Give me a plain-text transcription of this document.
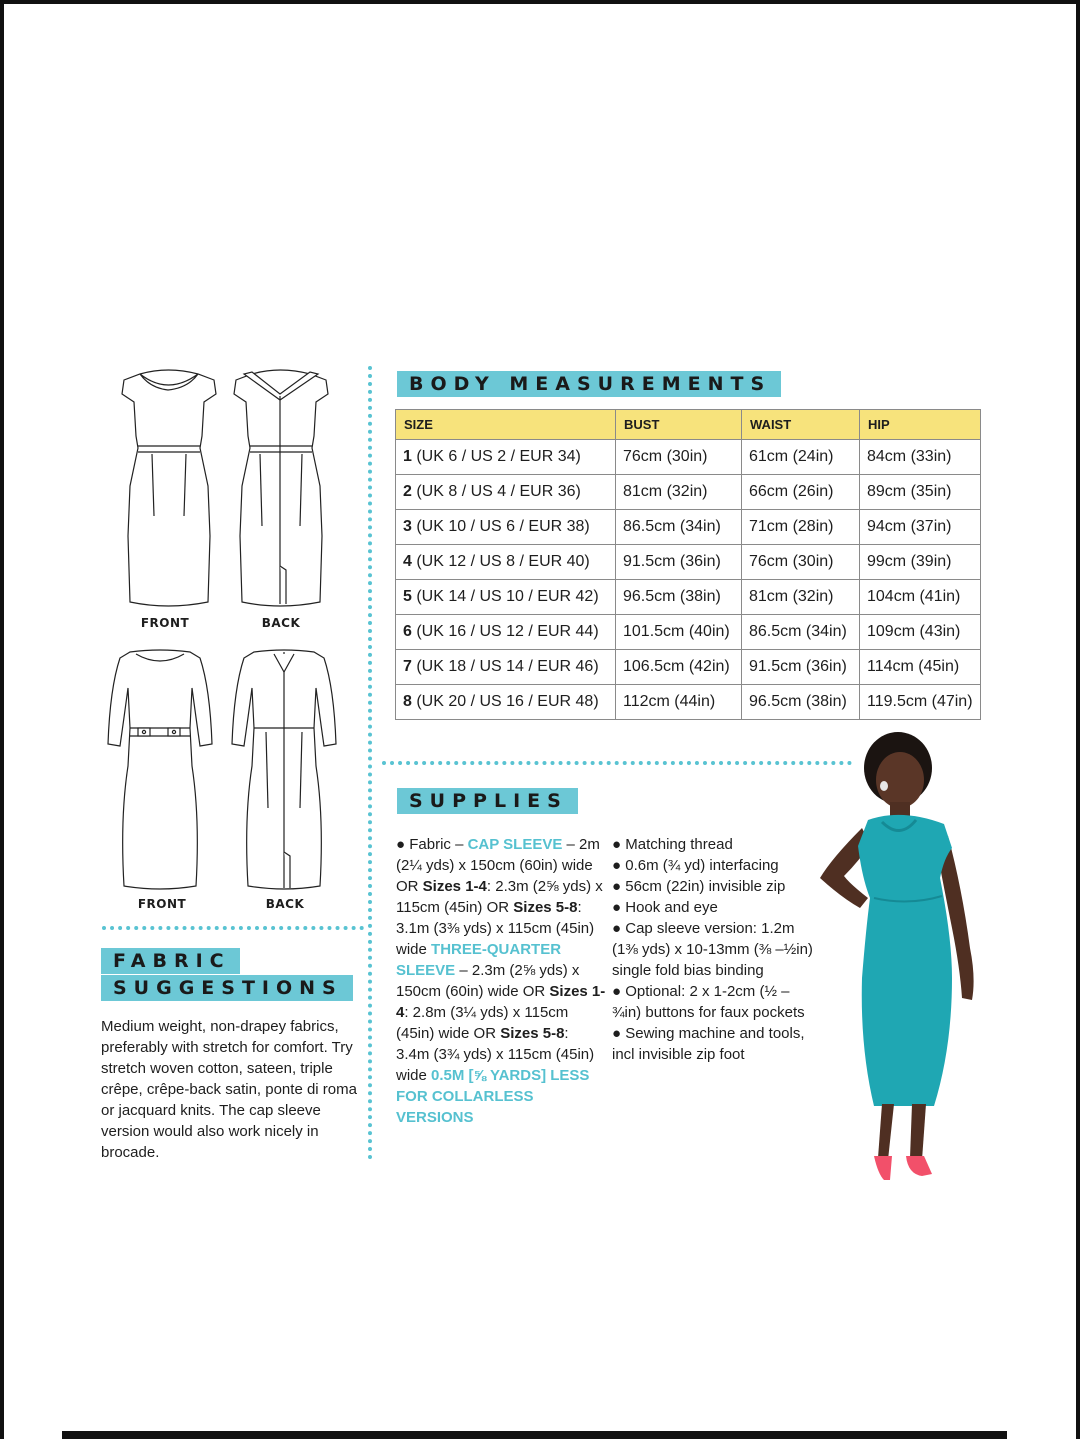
FRONT	BACK
FRONT	BACK
BODY MEASUREMENTS
SIZE	BUST	WAIST	HIP
1 (UK 6 / US 2 / EUR 34)	76cm (30in)	61cm (24in)	84cm (33in)
2 (UK 8 / US 4 / EUR 36)	81cm (32in)	66cm (26in)	89cm (35in)
3 (UK 10 / US 6 / EUR 38)	86.5cm (34in)	71cm (28in)	94cm (37in)
4 (UK 12 / US 8 / EUR 40)	91.5cm (36in)	76cm (30in)	99cm (39in)
5 (UK 14 / US 10 / EUR 42)	96.5cm (38in)	81cm (32in)	104cm (41in)
6 (UK 16 / US 12 / EUR 44)	101.5cm (40in)	86.5cm (34in)	109cm (43in)
7 (UK 18 / US 14 / EUR 46)	106.5cm (42in)	91.5cm (36in)	114cm (45in)
8 (UK 20 / US 16 / EUR 48)	112cm (44in)	96.5cm (38in)	119.5cm (47in)
FABRIC
SUGGESTIONS
Medium weight, non-drapey fabrics, preferably with stretch for comfort. Try stretch woven cotton, sateen, triple crêpe, crêpe-back satin, ponte di roma or jacquard knits. The cap sleeve version would also work nicely in brocade.
SUPPLIES
● Fabric – CAP SLEEVE – 2m (2¼ yds) x 150cm (60in) wide OR Sizes 1-4: 2.3m (2⅝ yds) x 115cm (45in) OR Sizes 5-8: 3.1m (3⅜ yds) x 115cm (45in) wide THREE-QUARTER SLEEVE – 2.3m (2⅝ yds) x 150cm (60in) wide OR Sizes 1-4: 2.8m (3¼ yds) x 115cm (45in) wide OR Sizes 5-8: 3.4m (3¾ yds) x 115cm (45in) wide 0.5M [⅝ YARDS] LESS FOR COLLARLESS VERSIONS
● Matching thread
● 0.6m (¾ yd) interfacing
● 56cm (22in) invisible zip
● Hook and eye
● Cap sleeve version: 1.2m (1⅜ yds) x 10-13mm (⅜ –½in) single fold bias binding
● Optional: 2 x 1-2cm (½ – ¾in) buttons for faux pockets
● Sewing machine and tools, incl invisible zip foot
